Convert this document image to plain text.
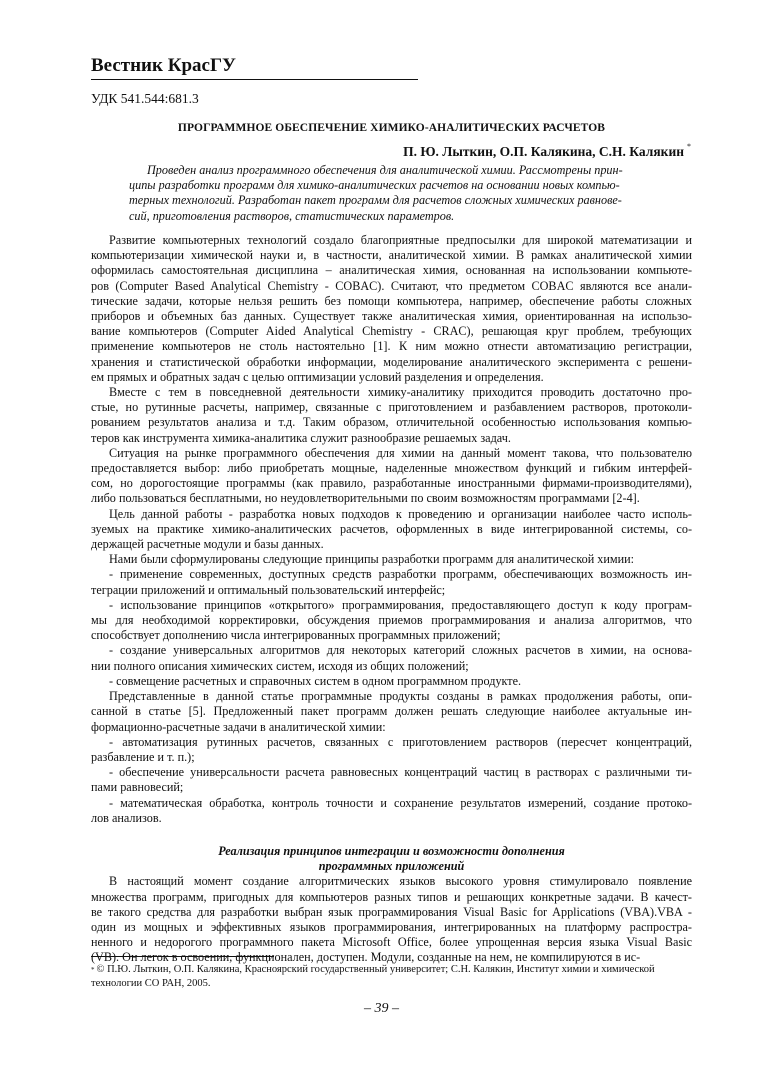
Вестник КрасГУ
УДК 541.544:681.3
ПРОГРАММНОЕ ОБЕСПЕЧЕНИЕ ХИМИКО-АНАЛИТИЧЕСКИХ РАСЧЕТОВ
П. Ю. Лыткин, О.П. Калякина, С.Н. Калякин *
Проведен анализ программного обеспечения для аналитической химии. Рассмотрены прин-
ципы разработки программ для химико-аналитических расчетов на основании новых компью-
терных технологий. Разработан пакет программ для расчетов сложных химических равнове-
сий, приготовления растворов, статистических параметров.
Развитие компьютерных технологий создало благоприятные предпосылки для широкой математизации и
компьютеризации химической науки и, в частности, аналитической химии. В рамках аналитической химии
оформилась самостоятельная дисциплина – аналитическая химия, основанная на использовании компьюте-
ров (Computer Based Analytical Chemistry - COBAC). Считают, что предметом COBAC являются все анали-
тические задачи, которые нельзя решить без помощи компьютера, например, обеспечение работы сложных
приборов и объемных баз данных. Существует также аналитическая химия, ориентированная на использо-
вание компьютеров (Computer Aided Analytical Chemistry - CRAC), решающая круг проблем, требующих
применение компьютеров не столь настоятельно [1]. К ним можно отнести автоматизацию регистрации,
хранения и статистической обработки информации, моделирование аналитического эксперимента с решени-
ем прямых и обратных задач с целью оптимизации условий разделения и определения.
Вместе с тем в повседневной деятельности химику-аналитику приходится проводить достаточно про-
стые, но рутинные расчеты, например, связанные с приготовлением и разбавлением растворов, протоколи-
рованием результатов анализа и т.д. Таким образом, отличительной особенностью использования компью-
теров как инструмента химика-аналитика служит разнообразие решаемых задач.
Ситуация на рынке программного обеспечения для химии на данный момент такова, что пользователю
предоставляется выбор: либо приобретать мощные, наделенные множеством функций и гибким интерфей-
сом, но дорогостоящие программы (как правило, разработанные иностранными фирмами-производителями),
либо пользоваться бесплатными, но неудовлетворительными по своим возможностям программами [2-4].
Цель данной работы - разработка новых подходов к проведению и организации наиболее часто исполь-
зуемых на практике химико-аналитических расчетов, оформленных в виде интегрированной системы, со-
держащей расчетные модули и базы данных.
Нами были сформулированы следующие принципы разработки программ для аналитической химии:
- применение современных, доступных средств разработки программ, обеспечивающих возможность ин-
теграции приложений и оптимальный пользовательский интерфейс;
- использование принципов «открытого» программирования, предоставляющего доступ к коду програм-
мы для необходимой корректировки, обсуждения приемов программирования и анализа алгоритмов, что
способствует дополнению числа интегрированных программных приложений;
- создание универсальных алгоритмов для некоторых категорий сложных расчетов в химии, на основа-
нии полного описания химических систем, исходя из общих положений;
- совмещение расчетных и справочных систем в одном программном продукте.
Представленные в данной статье программные продукты созданы в рамках продолжения работы, опи-
санной в статье [5]. Предложенный пакет программ должен решать следующие наиболее актуальные ин-
формационно-расчетные задачи в аналитической химии:
- автоматизация рутинных расчетов, связанных с приготовлением растворов (пересчет концентраций,
разбавление и т. п.);
- обеспечение универсальности расчета равновесных концентраций частиц в растворах с различными ти-
пами равновесий;
- математическая обработка, контроль точности и сохранение результатов измерений, создание протоко-
лов анализов.
Реализация принципов интеграции и возможности дополнения
программных приложений
В настоящий момент создание алгоритмических языков высокого уровня стимулировало появление
множества программ, пригодных для компьютеров разных типов и решающих конкретные задачи. В качест-
ве такого средства для разработки выбран язык программирования Visual Basic for Applications (VBA).VBA -
один из мощных и эффективных языков программирования, интегрированных на платформу распростра-
ненного и недорогого программного пакета Microsoft Office, более упрощенная версия языка Visual Basic
(VB). Он легок в освоении, функционален, доступен. Модули, созданные на нем, не компилируются в ис-
* © П.Ю. Лыткин, О.П. Калякина, Красноярский государственный университет; С.Н. Калякин, Институт химии и химической технологии СО РАН, 2005.
– 39 –
